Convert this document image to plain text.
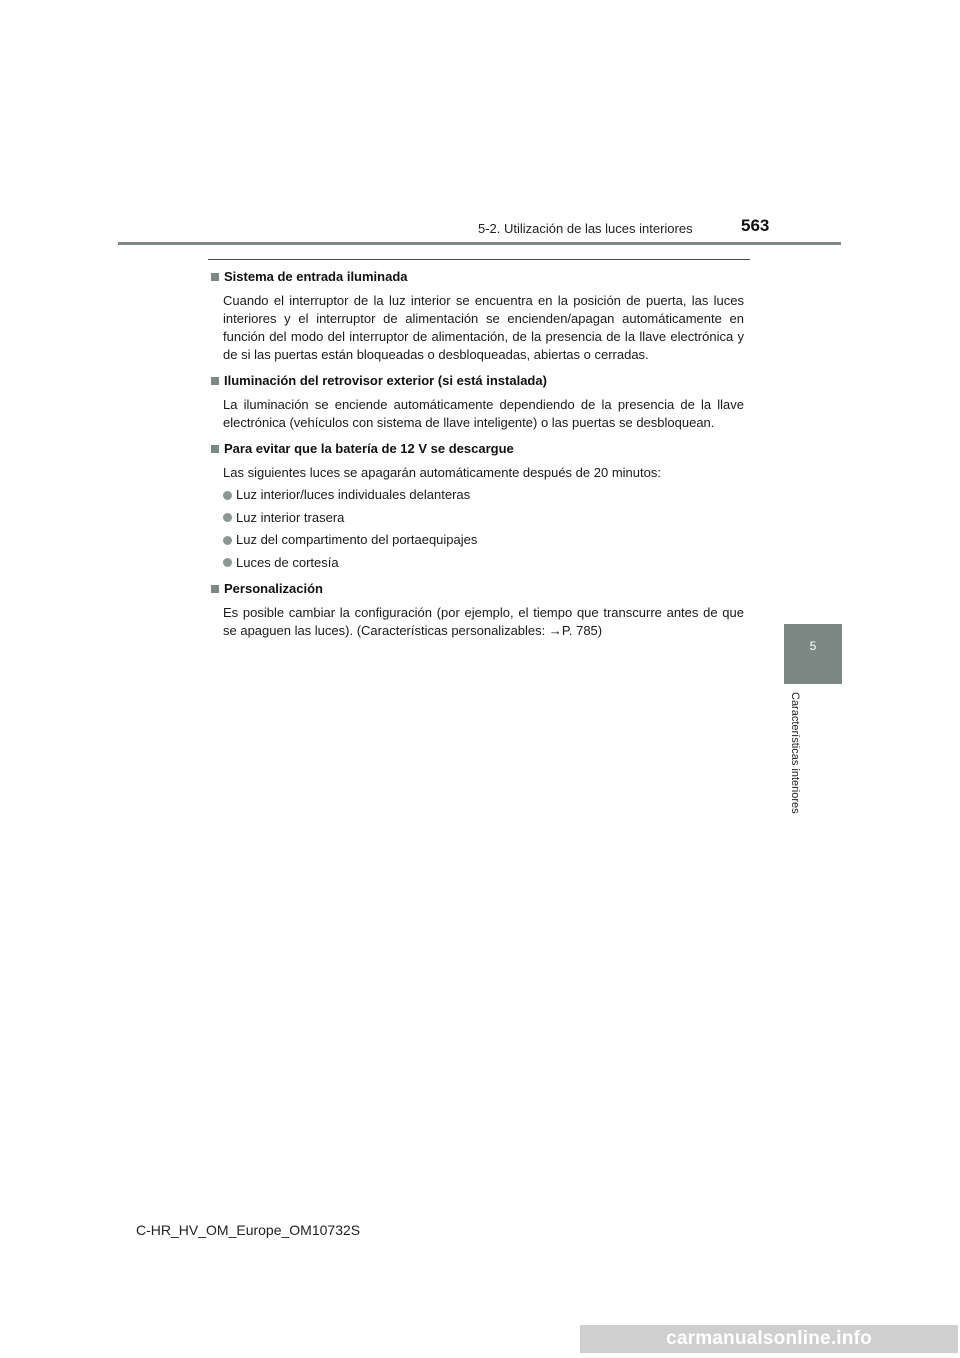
5-2. Utilización de las luces interiores	563
5
Características interiores
Sistema de entrada iluminada

Cuando el interruptor de la luz interior se encuentra en la posición de puerta, las luces interiores y el interruptor de alimentación se encienden/apagan automáticamente en función del modo del interruptor de alimentación, de la presencia de la llave electrónica y de si las puertas están bloqueadas o desbloqueadas, abiertas o cerradas.

Iluminación del retrovisor exterior (si está instalada)

La iluminación se enciende automáticamente dependiendo de la presencia de la llave electrónica (vehículos con sistema de llave inteligente) o las puertas se desbloquean.

Para evitar que la batería de 12 V se descargue

Las siguientes luces se apagarán automáticamente después de 20 minutos:

Luz interior/luces individuales delanteras
Luz interior trasera
Luz del compartimento del portaequipajes
Luces de cortesía
Personalización

Es posible cambiar la configuración (por ejemplo, el tiempo que transcurre antes de que se apaguen las luces). (Características personalizables: →P. 785)

C-HR_HV_OM_Europe_OM10732S
carmanualsonline.info
